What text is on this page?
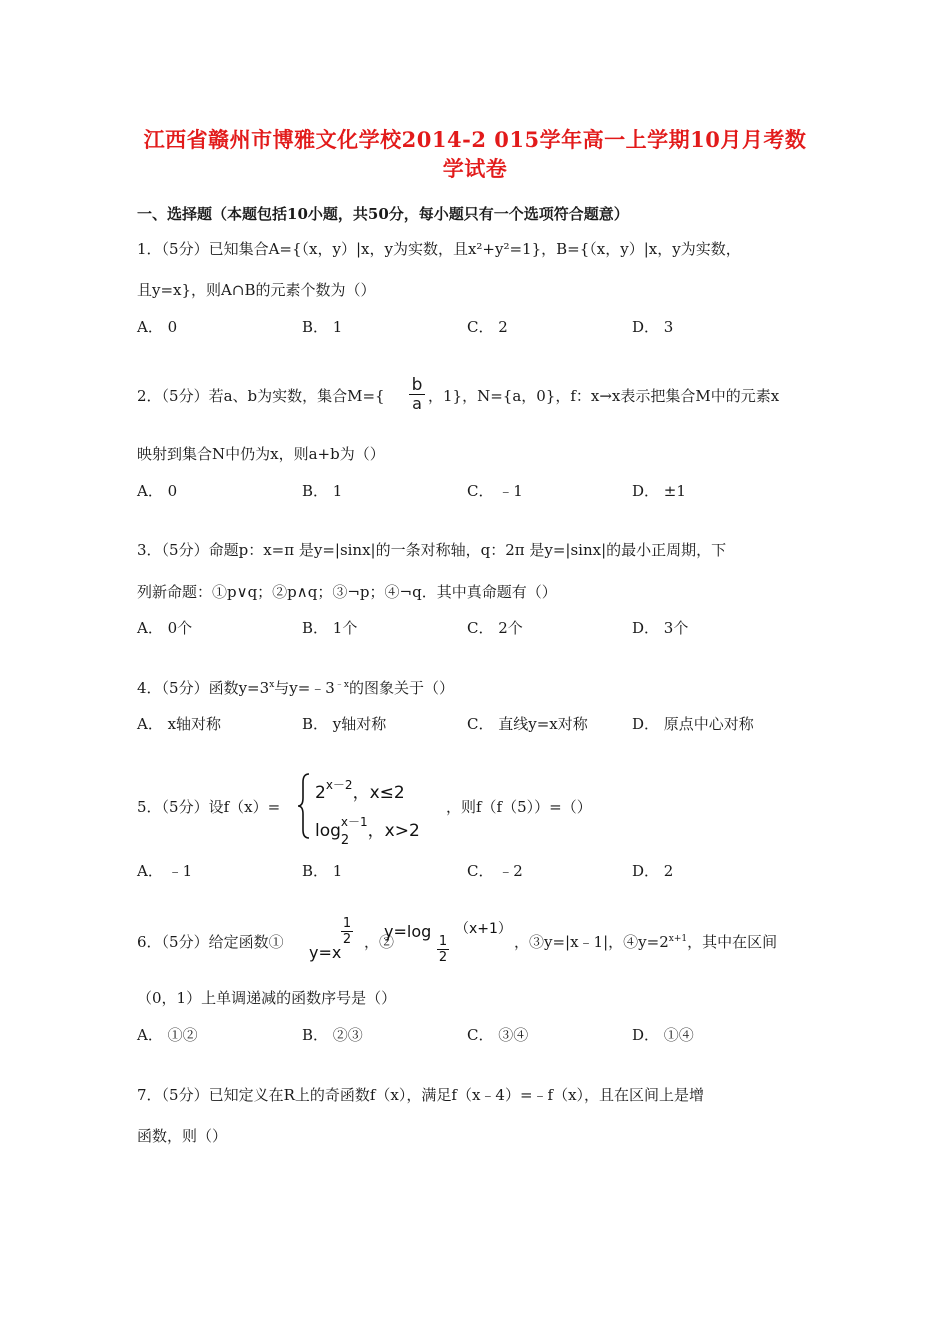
江西省赣州市博雅文化学校2014-2 015学年高一上学期10月月考数
学试卷
一、选择题（本题包括10小题，共50分，每小题只有一个选项符合题意）
1．（5分）已知集合A={（x，y）|x，y为实数，且x²+y²=1}，B={（x，y）|x，y为实数，
且y=x}，则A∩B的元素个数为（）
A． 0	B． 1	C． 2	D． 3
2．（5分）若a、b为实数，集合M={
b
a ，1}，N={a，0}，f：x→x表示把集合M中的元素x
映射到集合N中仍为x，则a+b为（）
A． 0	B． 1	C． ﹣1	D． ±1
3．（5分）命题p：x=π 是y=|sinx|的一条对称轴，q：2π 是y=|sinx|的最小正周期，下
列新命题：①p∨q；②p∧q；③¬p；④¬q．其中真命题有（）
A． 0个	B． 1个	C． 2个	D． 3个
4．（5分）函数$y=3^x$与$y=﹣3^{﹣x}$的图象关于（）
A． x轴对称	B． y轴对称	C． 直线y=x对称	D． 原点中心对称
5．（5分）设f（x）=
$2^{x-2}$，x≤2
$\log^{x-1}$
2 ，x>2
，则f（f（5））=（）
A． ﹣1	B． 1	C． ﹣2	D． 2
6．（5分）给定函数①
y=x
1
2 ，②
y=log
1
2
（x+1）
，③y=|x﹣1|，$④y=2^{x+1}$，其中在区间
（0，1）上单调递减的函数序号是（）
A． ①②	B． ②③	C． ③④	D． ①④
7．（5分）已知定义在R上的奇函数f（x），满足f（x﹣4）=﹣f（x），且在区间上是增
函数，则（）
